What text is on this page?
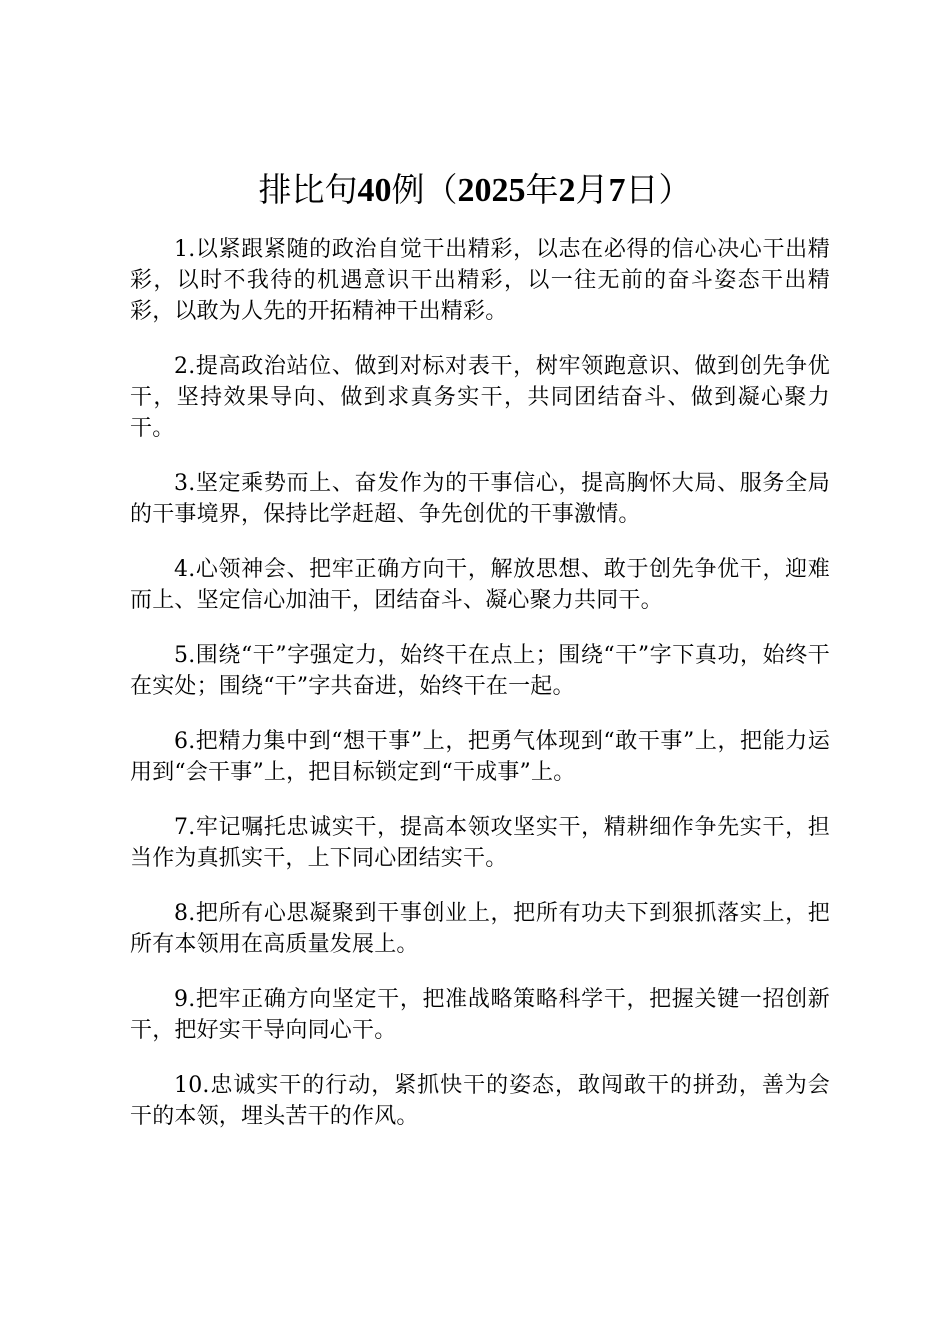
排比句40例（2025年2月7日）

1.以紧跟紧随的政治自觉干出精彩，以志在必得的信心决心干出精彩，以时不我待的机遇意识干出精彩，以一往无前的奋斗姿态干出精彩，以敢为人先的开拓精神干出精彩。

2.提高政治站位、做到对标对表干，树牢领跑意识、做到创先争优干，坚持效果导向、做到求真务实干，共同团结奋斗、做到凝心聚力干。

3.坚定乘势而上、奋发作为的干事信心，提高胸怀大局、服务全局的干事境界，保持比学赶超、争先创优的干事激情。

4.心领神会、把牢正确方向干，解放思想、敢于创先争优干，迎难而上、坚定信心加油干，团结奋斗、凝心聚力共同干。

5.围绕“干”字强定力，始终干在点上；围绕“干”字下真功，始终干在实处；围绕“干”字共奋进，始终干在一起。

6.把精力集中到“想干事”上，把勇气体现到“敢干事”上，把能力运用到“会干事”上，把目标锁定到“干成事”上。

7.牢记嘱托忠诚实干，提高本领攻坚实干，精耕细作争先实干，担当作为真抓实干，上下同心团结实干。

8.把所有心思凝聚到干事创业上，把所有功夫下到狠抓落实上，把所有本领用在高质量发展上。

9.把牢正确方向坚定干，把准战略策略科学干，把握关键一招创新干，把好实干导向同心干。

10.忠诚实干的行动，紧抓快干的姿态，敢闯敢干的拼劲，善为会干的本领，埋头苦干的作风。
